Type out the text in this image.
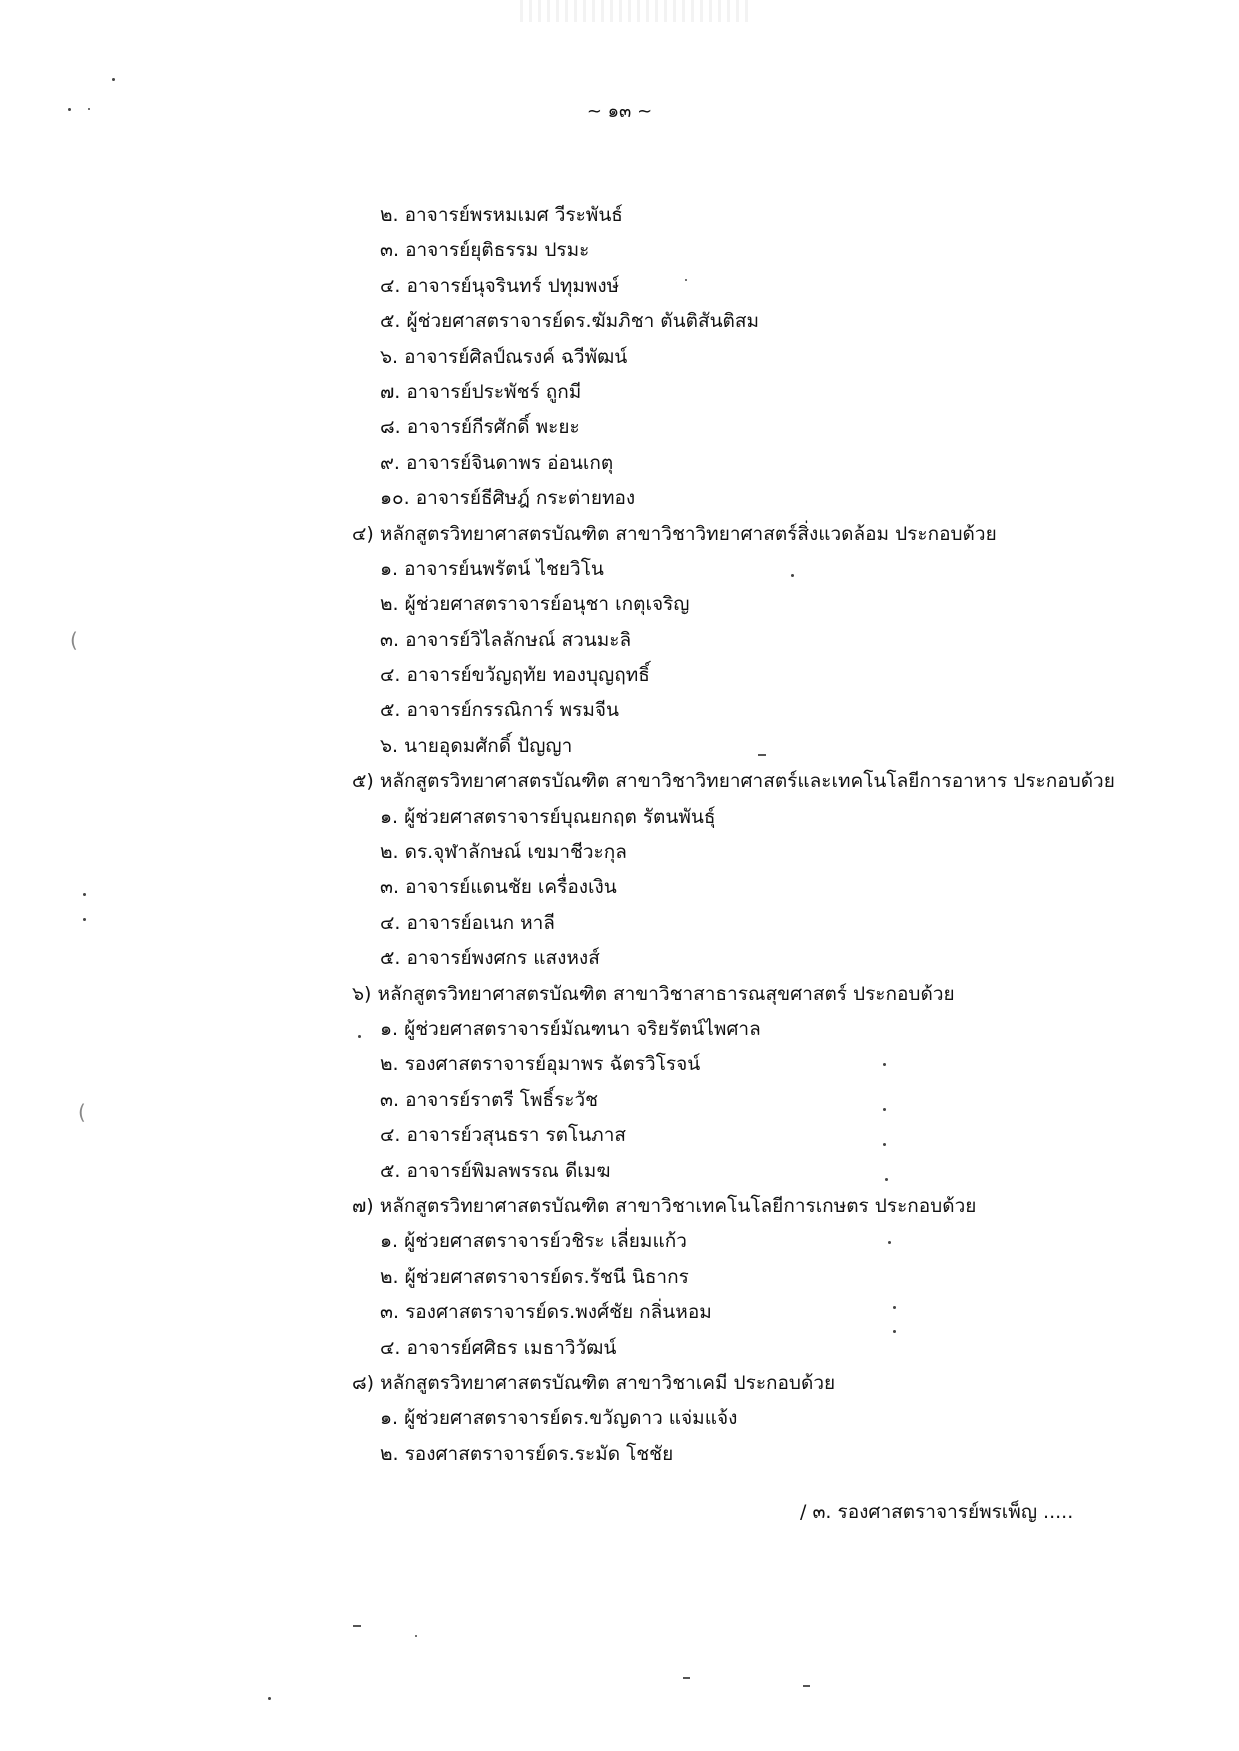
~ ๑๓ ~
๒. อาจารย์พรหมเมศ วีระพันธ์
๓. อาจารย์ยุติธรรม ปรมะ
๔. อาจารย์นุจรินทร์ ปทุมพงษ์
๕. ผู้ช่วยศาสตราจารย์ดร.ฆัมภิชา ตันติสันติสม
๖. อาจารย์ศิลป์ณรงค์ ฉวีพัฒน์
๗. อาจารย์ประพัชร์ ถูกมี
๘. อาจารย์กีรศักดิ์ พะยะ
๙. อาจารย์จินดาพร อ่อนเกตุ
๑๐. อาจารย์ธีศิษฎ์ กระต่ายทอง
๔) หลักสูตรวิทยาศาสตรบัณฑิต สาขาวิชาวิทยาศาสตร์สิ่งแวดล้อม ประกอบด้วย
๑. อาจารย์นพรัตน์ ไชยวิโน
๒. ผู้ช่วยศาสตราจารย์อนุชา เกตุเจริญ
๓. อาจารย์วิไลลักษณ์ สวนมะลิ
๔. อาจารย์ขวัญฤทัย ทองบุญฤทธิ์
๕. อาจารย์กรรณิการ์ พรมจีน
๖. นายอุดมศักดิ์ ปัญญา
๕) หลักสูตรวิทยาศาสตรบัณฑิต สาขาวิชาวิทยาศาสตร์และเทคโนโลยีการอาหาร ประกอบด้วย
๑. ผู้ช่วยศาสตราจารย์บุณยกฤต รัตนพันธุ์
๒. ดร.จุฬาลักษณ์ เขมาชีวะกุล
๓. อาจารย์แดนชัย เครื่องเงิน
๔. อาจารย์อเนก หาลี
๕. อาจารย์พงศกร แสงหงส์
๖) หลักสูตรวิทยาศาสตรบัณฑิต สาขาวิชาสาธารณสุขศาสตร์ ประกอบด้วย
๑. ผู้ช่วยศาสตราจารย์มัณฑนา จริยรัตน์ไพศาล
๒. รองศาสตราจารย์อุมาพร ฉัตรวิโรจน์
๓. อาจารย์ราตรี โพธิ์ระวัช
๔. อาจารย์วสุนธรา รตโนภาส
๕. อาจารย์พิมลพรรณ ดีเมฆ
๗) หลักสูตรวิทยาศาสตรบัณฑิต สาขาวิชาเทคโนโลยีการเกษตร ประกอบด้วย
๑. ผู้ช่วยศาสตราจารย์วชิระ เลี่ยมแก้ว
๒. ผู้ช่วยศาสตราจารย์ดร.รัชนี นิธากร
๓. รองศาสตราจารย์ดร.พงศ์ชัย กลิ่นหอม
๔. อาจารย์ศศิธร เมธาวิวัฒน์
๘) หลักสูตรวิทยาศาสตรบัณฑิต สาขาวิชาเคมี ประกอบด้วย
๑. ผู้ช่วยศาสตราจารย์ดร.ขวัญดาว แจ่มแจ้ง
๒. รองศาสตราจารย์ดร.ระมัด โชชัย
/ ๓. รองศาสตราจารย์พรเพ็ญ .....
(
(
